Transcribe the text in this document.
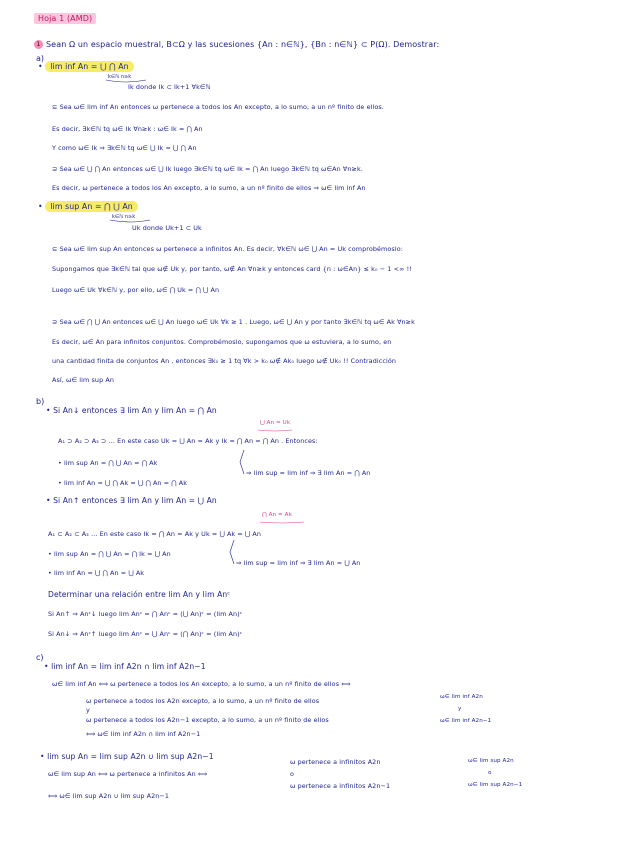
Hoja 1 (AMD)
1 Sean Ω un espacio muestral, B⊂Ω y las sucesiones {An : n∈ℕ}, {Bn : n∈ℕ} ⊂ P(Ω). Demostrar:
a)
• lim inf An = ⋃ ⋂ An
k∈ℕ n≥k
Ik donde Ik ⊂ Ik+1 ∀k∈ℕ
⊆ Sea ω∈ lim inf An entonces ω pertenece a todos los An excepto, a lo sumo, a un nº finito de ellos.
Es decir, ∃k∈ℕ tq ω∈ Ik ∀n≥k : ω∈ Ik = ⋂ An
Y como ω∈ Ik ⇒ ∃k∈ℕ tq ω∈ ⋃ Ik = ⋃ ⋂ An
⊇ Sea ω∈ ⋃ ⋂ An entonces ω∈ ⋃ Ik luego ∃k∈ℕ tq ω∈ Ik = ⋂ An luego ∃k∈ℕ tq ω∈An ∀n≥k.
Es decir, ω pertenece a todos los An excepto, a lo sumo, a un nº finito de ellos ⇒ ω∈ lim inf An
• lim sup An = ⋂ ⋃ An
k∈ℕ n≥k
Uk donde Uk+1 ⊂ Uk
⊆ Sea ω∈ lim sup An entonces ω pertenece a infinitos An. Es decir, ∀k∈ℕ ω∈ ⋃ An = Uk comprobémoslo:
Supongamos que ∃k∈ℕ tal que ω∉ Uk y, por tanto, ω∉ An ∀n≥k y entonces card {n : ω∈An} ≤ k₀ − 1 <∞ !!
Luego ω∈ Uk ∀k∈ℕ y, por ello, ω∈ ⋂ Uk = ⋂ ⋃ An
⊇ Sea ω∈ ⋂ ⋃ An entonces ω∈ ⋃ An luego ω∈ Uk ∀k ≥ 1 . Luego, ω∈ ⋃ An y por tanto ∃k∈ℕ tq ω∈ Ak ∀n≥k
Es decir, ω∈ An para infinitos conjuntos. Comprobémoslo, supongamos que ω estuviera, a lo sumo, en
una cantidad finita de conjuntos An , entonces ∃k₀ ≥ 1 tq ∀k > k₀ ω∉ Ak₀ luego ω∉ Uk₀ !! Contradicción
Así, ω∈ lim sup An
b)
• Si An↓ entonces ∃ lim An y lim An = ⋂ An
⋃ An = Uk
A₁ ⊃ A₂ ⊃ A₃ ⊃ … En este caso Uk = ⋃ An = Ak y Ik = ⋂ An = ⋂ An . Entonces:
• lim sup An = ⋂ ⋃ An = ⋂ Ak
• lim inf An = ⋃ ⋂ Ak = ⋃ ⋂ An = ⋂ Ak
⇒ lim sup = lim inf ⇒ ∃ lim An = ⋂ An
• Si An↑ entonces ∃ lim An y lim An = ⋃ An
⋂ An = Ak
A₁ ⊂ A₂ ⊂ A₃ … En este caso Ik = ⋂ An = Ak y Uk = ⋃ Ak = ⋃ An
• lim sup An = ⋂ ⋃ An = ⋂ Ik = ⋃ An
• lim inf An = ⋃ ⋂ An = ⋃ Ak
⇒ lim sup = lim inf ⇒ ∃ lim An = ⋃ An
Determinar una relación entre lim An y lim Anᶜ
Si An↑ ⇒ Anᶜ↓ luego lim Anᶜ = ⋂ Anᶜ = (⋃ An)ᶜ = (lim An)ᶜ
Si An↓ ⇒ Anᶜ↑ luego lim Anᶜ = ⋃ Anᶜ = (⋂ An)ᶜ = (lim An)ᶜ
c)
• lim inf An = lim inf A2n ∩ lim inf A2n−1
ω∈ lim inf An ⟺ ω pertenece a todos los An excepto, a lo sumo, a un nº finito de ellos ⟺
ω pertenece a todos los A2n excepto, a lo sumo, a un nº finito de ellos
y
ω pertenece a todos los A2n−1 excepto, a lo sumo, a un nº finito de ellos
⟺ ω∈ lim inf A2n ∩ lim inf A2n−1
ω∈ lim inf A2n
y
ω∈ lim inf A2n−1
• lim sup An = lim sup A2n ∪ lim sup A2n−1
ω∈ lim sup An ⟺ ω pertenece a infinitos An ⟺
ω pertenece a infinitos A2n
o
ω pertenece a infinitos A2n−1
⟺ ω∈ lim sup A2n ∪ lim sup A2n−1
ω∈ lim sup A2n
o
ω∈ lim sup A2n−1
